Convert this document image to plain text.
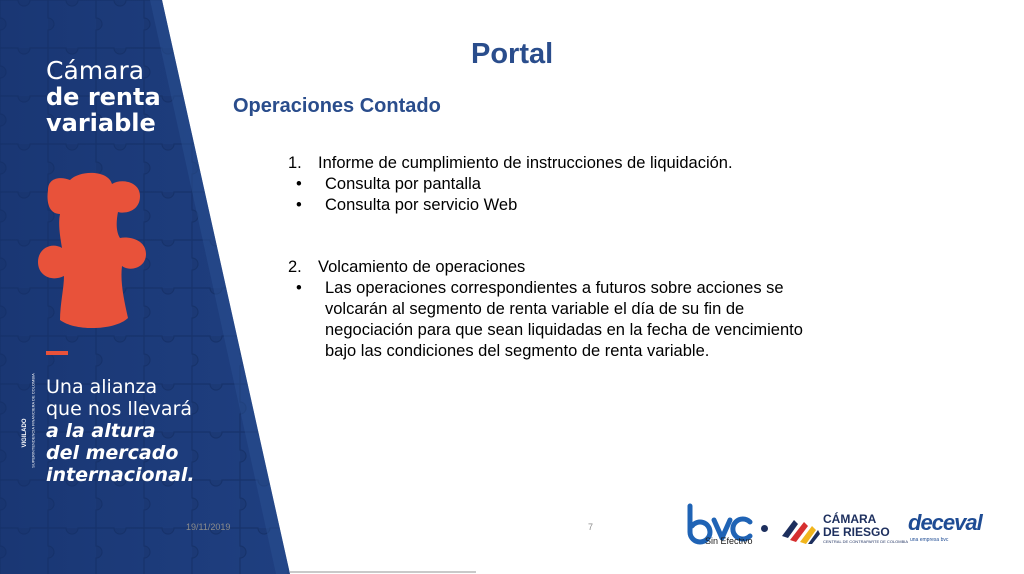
Cámara
de renta
variable
VIGILADO SUPERINTENDENCIA FINANCIERA DE COLOMBIA Una alianza
que nos llevará
a la altura
del mercado
internacional.
Portal
Operaciones Contado
1. Informe de cumplimiento de instrucciones de liquidación.
• Consulta por pantalla
• Consulta por servicio Web
2. Volcamiento de operaciones
• Las operaciones correspondientes a futuros sobre acciones se volcarán al segmento de renta variable el día de su fin de negociación para que sean liquidadas en la fecha de vencimiento bajo las condiciones del segmento de renta variable.
19/11/2019	7
Sin Efectivo
CÁMARA
DE RIESGO
CENTRAL DE CONTRAPARTE DE COLOMBIA
deceval
una empresa bvc
